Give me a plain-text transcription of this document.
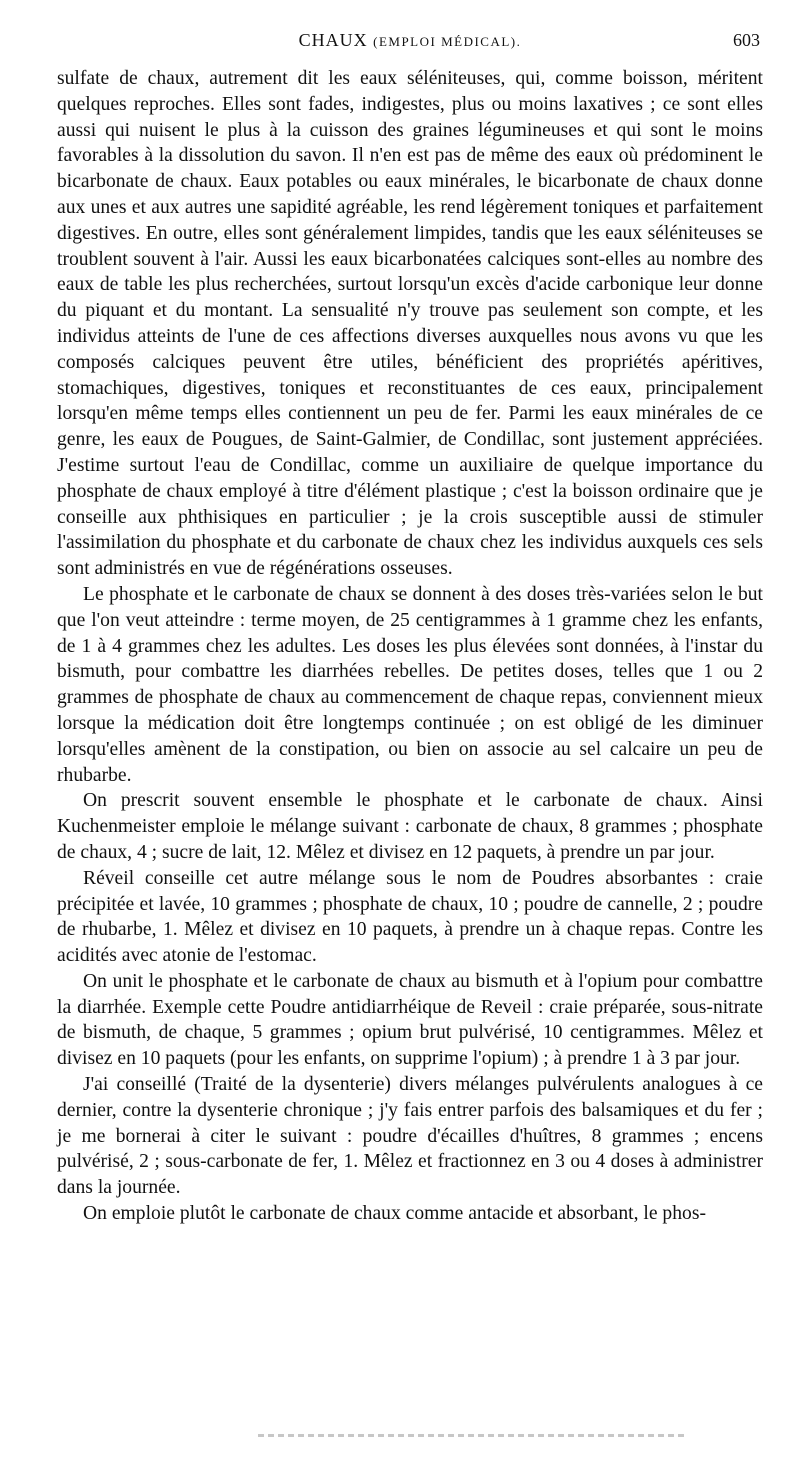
CHAUX (EMPLOI MÉDICAL).	603

sulfate de chaux, autrement dit les eaux séléniteuses, qui, comme boisson, méritent quelques reproches. Elles sont fades, indigestes, plus ou moins laxatives ; ce sont elles aussi qui nuisent le plus à la cuisson des graines légumineuses et qui sont le moins favorables à la dissolution du savon. Il n'en est pas de même des eaux où prédominent le bicarbonate de chaux. Eaux potables ou eaux minérales, le bicarbonate de chaux donne aux unes et aux autres une sapidité agréable, les rend légèrement toniques et parfaitement digestives. En outre, elles sont généralement limpides, tandis que les eaux séléniteuses se troublent souvent à l'air. Aussi les eaux bicarbonatées calciques sont-elles au nombre des eaux de table les plus recherchées, surtout lorsqu'un excès d'acide carbonique leur donne du piquant et du montant. La sensualité n'y trouve pas seulement son compte, et les individus atteints de l'une de ces affections diverses auxquelles nous avons vu que les composés calciques peuvent être utiles, bénéficient des propriétés apéritives, stomachiques, digestives, toniques et reconstituantes de ces eaux, principalement lorsqu'en même temps elles contiennent un peu de fer. Parmi les eaux minérales de ce genre, les eaux de Pougues, de Saint-Galmier, de Condillac, sont justement appréciées. J'estime surtout l'eau de Condillac, comme un auxiliaire de quelque importance du phosphate de chaux employé à titre d'élément plastique ; c'est la boisson ordinaire que je conseille aux phthisiques en particulier ; je la crois susceptible aussi de stimuler l'assimilation du phosphate et du carbonate de chaux chez les individus auxquels ces sels sont administrés en vue de régénérations osseuses.

Le phosphate et le carbonate de chaux se donnent à des doses très-variées selon le but que l'on veut atteindre : terme moyen, de 25 centigrammes à 1 gramme chez les enfants, de 1 à 4 grammes chez les adultes. Les doses les plus élevées sont données, à l'instar du bismuth, pour combattre les diarrhées rebelles. De petites doses, telles que 1 ou 2 grammes de phosphate de chaux au commencement de chaque repas, conviennent mieux lorsque la médication doit être longtemps continuée ; on est obligé de les diminuer lorsqu'elles amènent de la constipation, ou bien on associe au sel calcaire un peu de rhubarbe.

On prescrit souvent ensemble le phosphate et le carbonate de chaux. Ainsi Kuchenmeister emploie le mélange suivant : carbonate de chaux, 8 grammes ; phosphate de chaux, 4 ; sucre de lait, 12. Mêlez et divisez en 12 paquets, à prendre un par jour.

Réveil conseille cet autre mélange sous le nom de Poudres absorbantes : craie précipitée et lavée, 10 grammes ; phosphate de chaux, 10 ; poudre de cannelle, 2 ; poudre de rhubarbe, 1. Mêlez et divisez en 10 paquets, à prendre un à chaque repas. Contre les acidités avec atonie de l'estomac.

On unit le phosphate et le carbonate de chaux au bismuth et à l'opium pour combattre la diarrhée. Exemple cette Poudre antidiarrhéique de Reveil : craie préparée, sous-nitrate de bismuth, de chaque, 5 grammes ; opium brut pulvérisé, 10 centigrammes. Mêlez et divisez en 10 paquets (pour les enfants, on supprime l'opium) ; à prendre 1 à 3 par jour.

J'ai conseillé (Traité de la dysenterie) divers mélanges pulvérulents analogues à ce dernier, contre la dysenterie chronique ; j'y fais entrer parfois des balsamiques et du fer ; je me bornerai à citer le suivant : poudre d'écailles d'huîtres, 8 grammes ; encens pulvérisé, 2 ; sous-carbonate de fer, 1. Mêlez et fractionnez en 3 ou 4 doses à administrer dans la journée.

On emploie plutôt le carbonate de chaux comme antacide et absorbant, le phos-
